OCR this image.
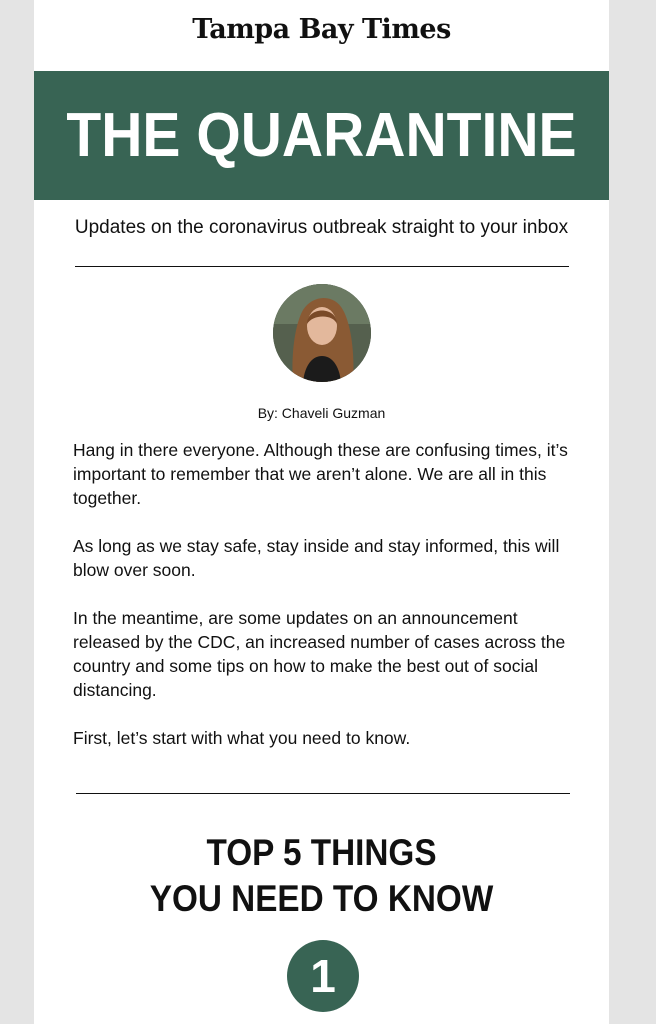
Tampa Bay Times
THE QUARANTINE
Updates on the coronavirus outbreak straight to your inbox
By: Chaveli Guzman

Hang in there everyone. Although these are confusing times, it’s important to remember that we aren’t alone. We are all in this together.

As long as we stay safe, stay inside and stay informed, this will blow over soon.

In the meantime, are some updates on an announcement released by the CDC, an increased number of cases across the country and some tips on how to make the best out of social distancing.

First, let’s start with what you need to know.

TOP 5 THINGS
YOU NEED TO KNOW
1
